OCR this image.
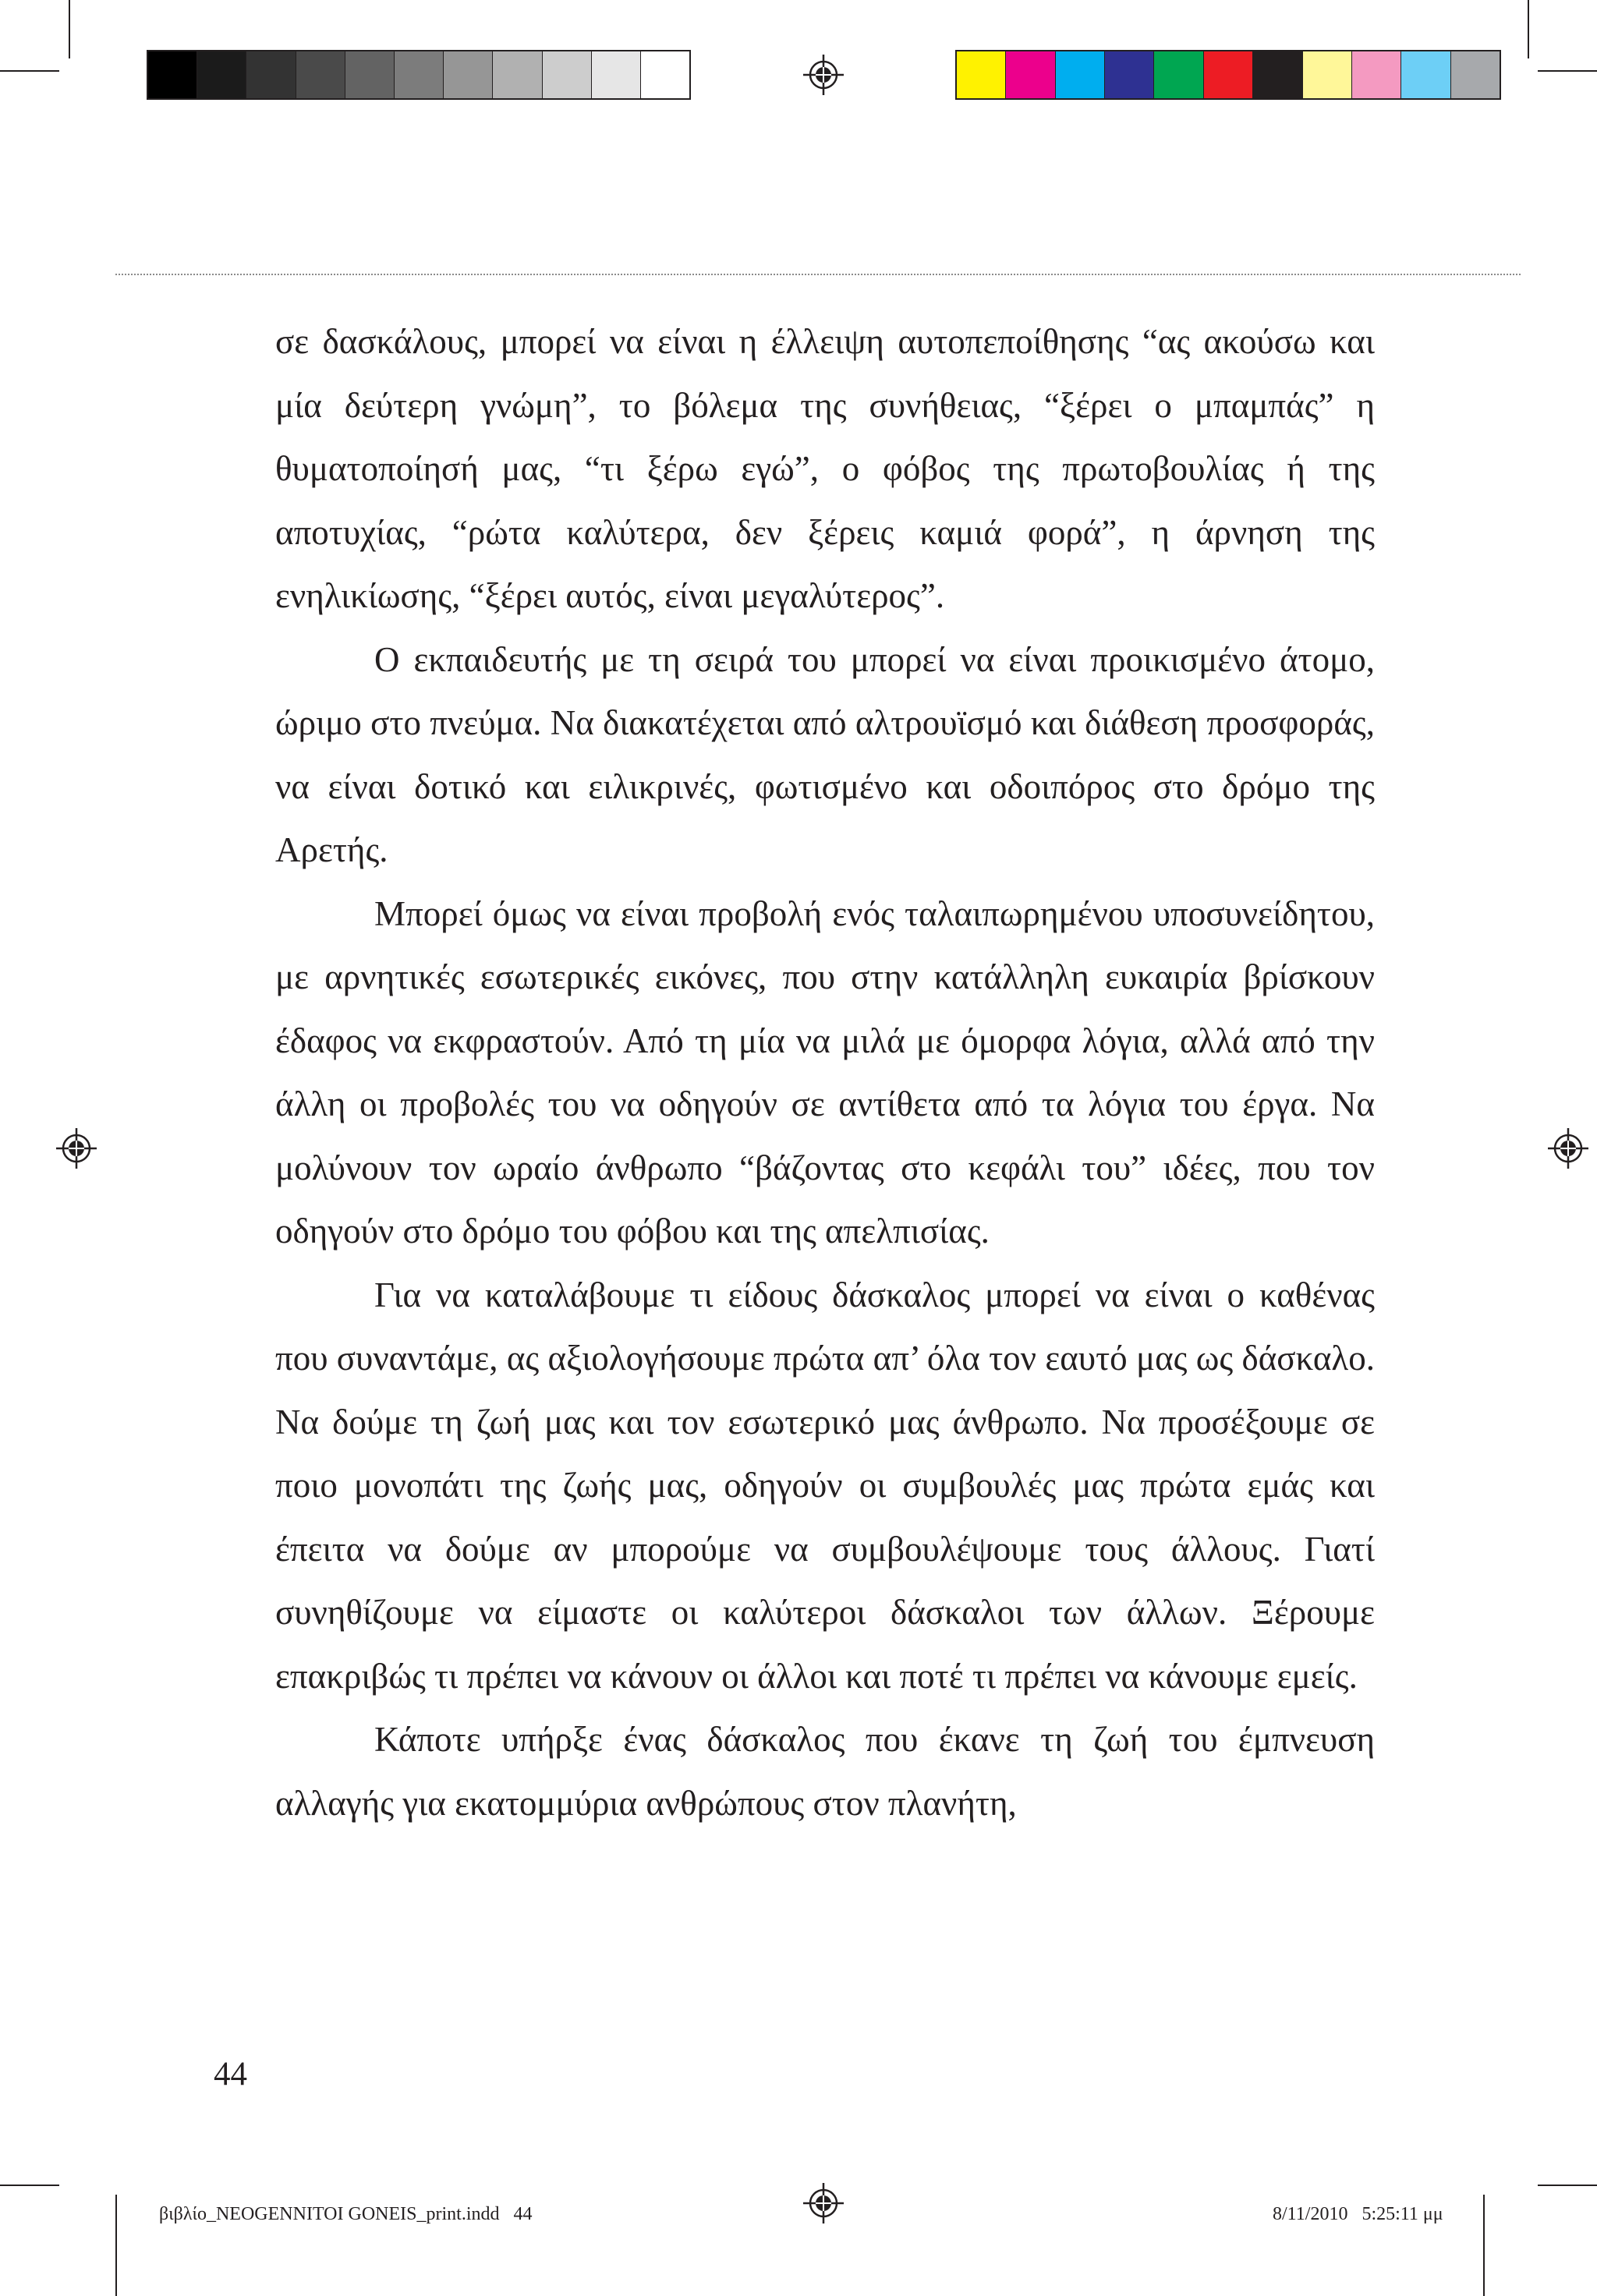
σε δασκάλους, μπορεί να είναι η έλλειψη αυτοπεποίθησης “ας ακούσω και μία δεύτερη γνώμη”, το βόλεμα της συνήθειας, “ξέρει ο μπαμπάς” η θυματοποίησή μας, “τι ξέρω εγώ”, ο φόβος της πρωτοβουλίας ή της αποτυχίας, “ρώτα καλύτερα, δεν ξέρεις καμιά φορά”, η άρνηση της ενηλικίωσης, “ξέρει αυτός, είναι μεγαλύτερος”.

Ο εκπαιδευτής με τη σειρά του μπορεί να είναι προικισμένο άτομο, ώριμο στο πνεύμα. Να διακατέχεται από αλτρουϊσμό και διάθεση προσφοράς, να είναι δοτικό και ειλικρινές, φωτισμένο και οδοιπόρος στο δρόμο της Αρετής.

Μπορεί όμως να είναι προβολή ενός ταλαιπωρημένου υποσυνείδητου, με αρνητικές εσωτερικές εικόνες, που στην κατάλληλη ευκαιρία βρίσκουν έδαφος να εκφραστούν. Από τη μία να μιλά με όμορφα λόγια, αλλά από την άλλη οι προβολές του να οδηγούν σε αντίθετα από τα λόγια του έργα. Να μολύνουν τον ωραίο άνθρωπο “βάζοντας στο κεφάλι του” ιδέες, που τον οδηγούν στο δρόμο του φόβου και της απελπισίας.

Για να καταλάβουμε τι είδους δάσκαλος μπορεί να είναι ο καθένας που συναντάμε, ας αξιολογήσουμε πρώτα απ’ όλα τον εαυτό μας ως δάσκαλο. Να δούμε τη ζωή μας και τον εσωτερικό μας άνθρωπο. Να προσέξουμε σε ποιο μονοπάτι της ζωής μας, οδηγούν οι συμβουλές μας πρώτα εμάς και έπειτα να δούμε αν μπορούμε να συμβουλέψουμε τους άλλους. Γιατί συνηθίζουμε να είμαστε οι καλύτεροι δάσκαλοι των άλλων. Ξέρουμε επακριβώς τι πρέπει να κάνουν οι άλλοι και ποτέ τι πρέπει να κάνουμε εμείς.

Κάποτε υπήρξε ένας δάσκαλος που έκανε τη ζωή του έμπνευση αλλαγής για εκατομμύρια ανθρώπους στον πλανήτη,

44
βιβλίο_NEOGENNITOI GONEIS_print.indd   44	8/11/2010   5:25:11 μμ
